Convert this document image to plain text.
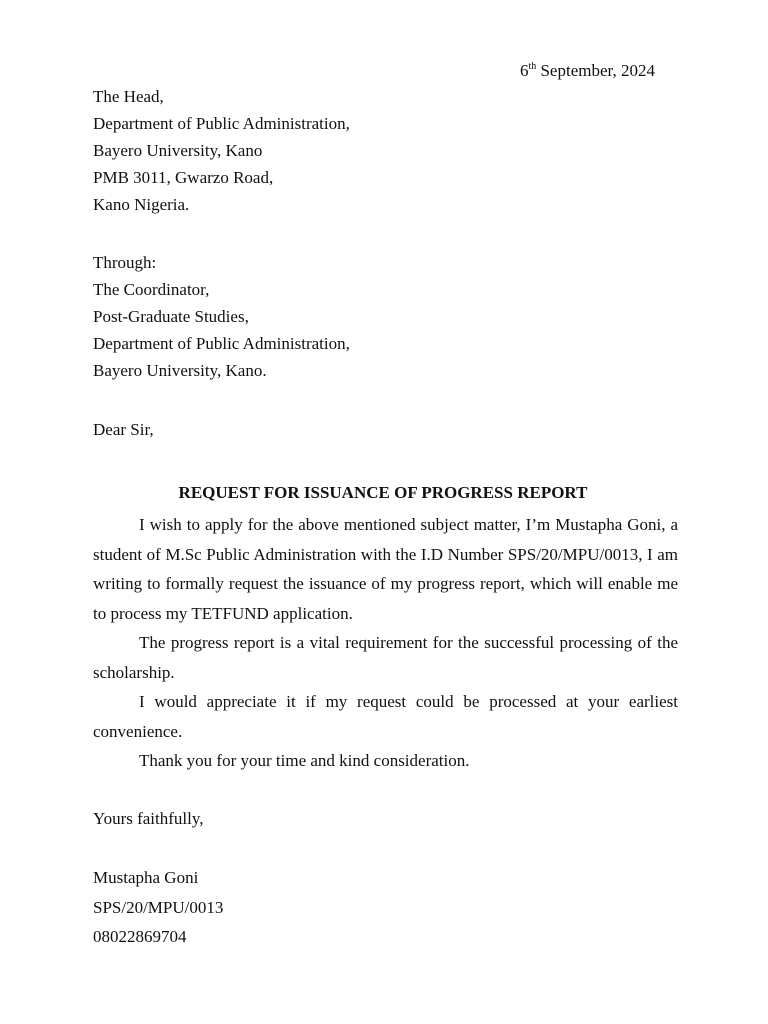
6th September, 2024
The Head,
Department of Public Administration,
Bayero University, Kano
PMB 3011, Gwarzo Road,
Kano Nigeria.
Through:
The Coordinator,
Post-Graduate Studies,
Department of Public Administration,
Bayero University, Kano.
Dear Sir,
REQUEST FOR ISSUANCE OF PROGRESS REPORT

I wish to apply for the above mentioned subject matter, I’m Mustapha Goni, a student of M.Sc Public Administration with the I.D Number SPS/20/MPU/0013, I am writing to formally request the issuance of my progress report, which will enable me to process my TETFUND application.

The progress report is a vital requirement for the successful processing of the scholarship.

I would appreciate it if my request could be processed at your earliest convenience.

Thank you for your time and kind consideration.

Yours faithfully,
Mustapha Goni
SPS/20/MPU/0013
08022869704
